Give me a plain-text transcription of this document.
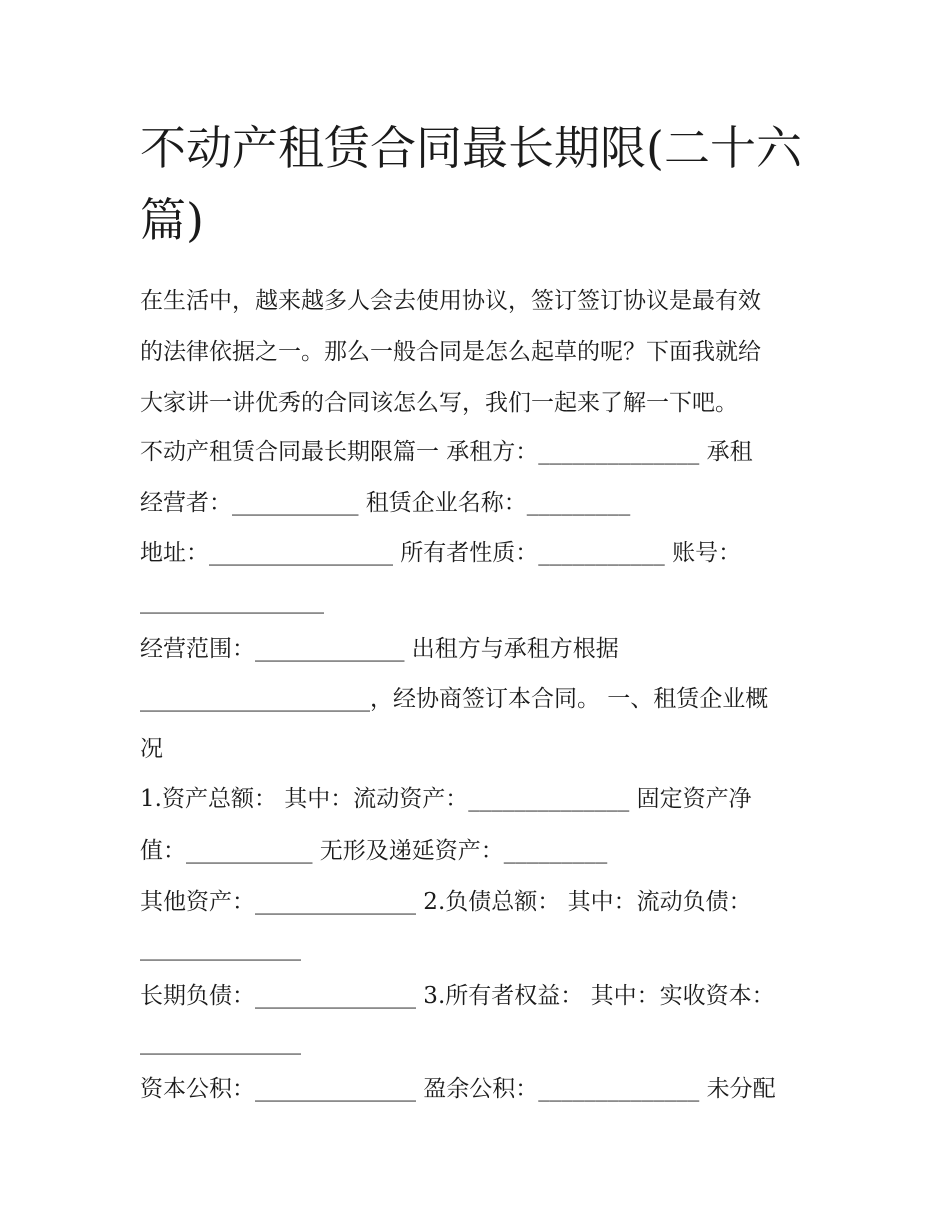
不动产租赁合同最长期限(二十六篇)
在生活中，越来越多人会去使用协议，签订签订协议是最有效
的法律依据之一。那么一般合同是怎么起草的呢？下面我就给
大家讲一讲优秀的合同该怎么写，我们一起来了解一下吧。
不动产租赁合同最长期限篇一 承租方：______________ 承租
经营者：___________ 租赁企业名称：_________
地址：________________ 所有者性质：___________ 账号：
________________
经营范围：_____________ 出租方与承租方根据
____________________，经协商签订本合同。 一、租赁企业概
况
1.资产总额： 其中：流动资产：______________ 固定资产净
值：___________ 无形及递延资产：_________
其他资产：______________ 2.负债总额： 其中：流动负债：
______________
长期负债：______________ 3.所有者权益： 其中：实收资本：
______________
资本公积：______________ 盈余公积：______________ 未分配
